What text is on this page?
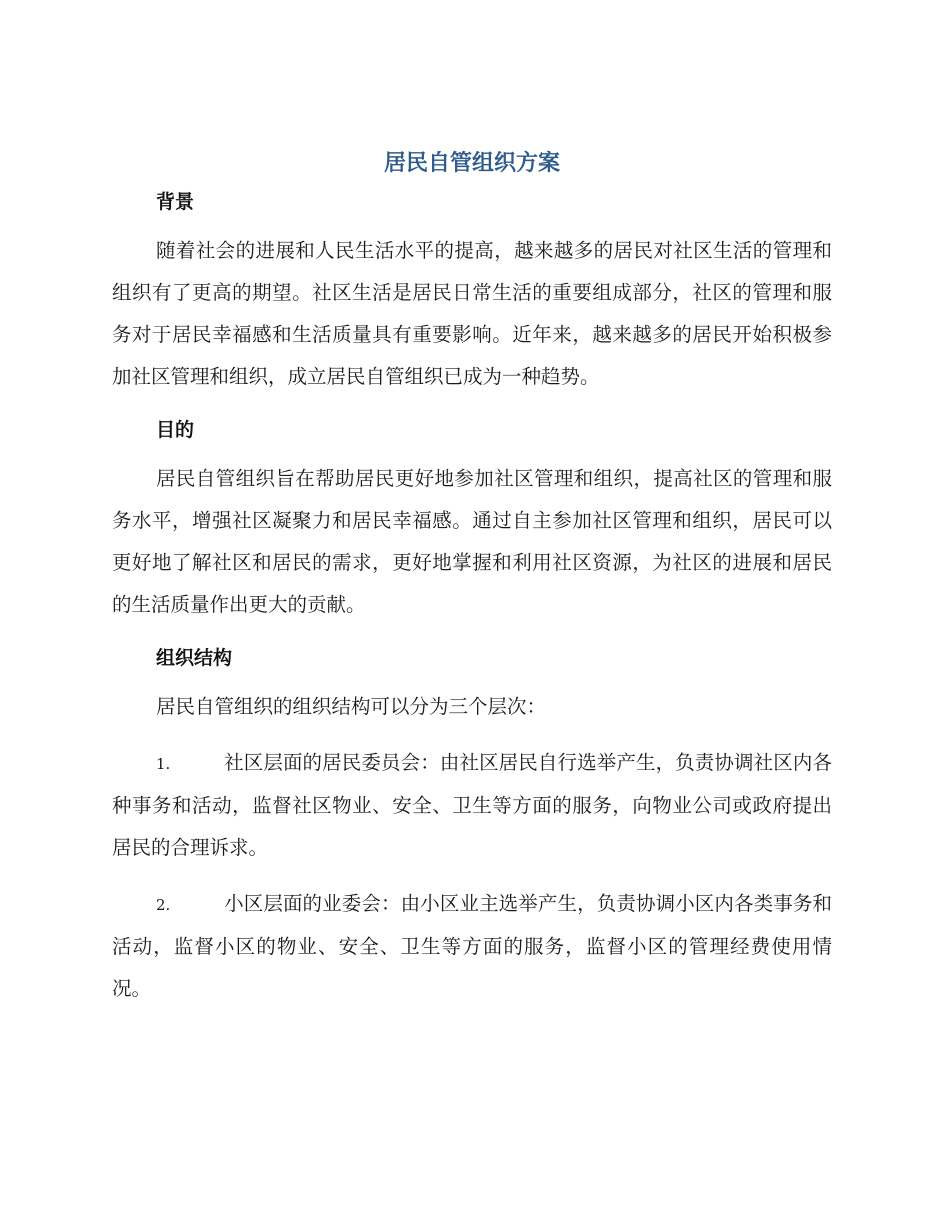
居民自管组织方案
背景

随着社会的进展和人民生活水平的提高，越来越多的居民对社区生活的管理和组织有了更高的期望。社区生活是居民日常生活的重要组成部分，社区的管理和服务对于居民幸福感和生活质量具有重要影响。近年来，越来越多的居民开始积极参加社区管理和组织，成立居民自管组织已成为一种趋势。

目的

居民自管组织旨在帮助居民更好地参加社区管理和组织，提高社区的管理和服务水平，增强社区凝聚力和居民幸福感。通过自主参加社区管理和组织，居民可以更好地了解社区和居民的需求，更好地掌握和利用社区资源，为社区的进展和居民的生活质量作出更大的贡献。

组织结构

居民自管组织的组织结构可以分为三个层次：

1.	社区层面的居民委员会：由社区居民自行选举产生，负责协调社区内各种事务和活动，监督社区物业、安全、卫生等方面的服务，向物业公司或政府提出居民的合理诉求。

2.	小区层面的业委会：由小区业主选举产生，负责协调小区内各类事务和活动，监督小区的物业、安全、卫生等方面的服务，监督小区的管理经费使用情况。
